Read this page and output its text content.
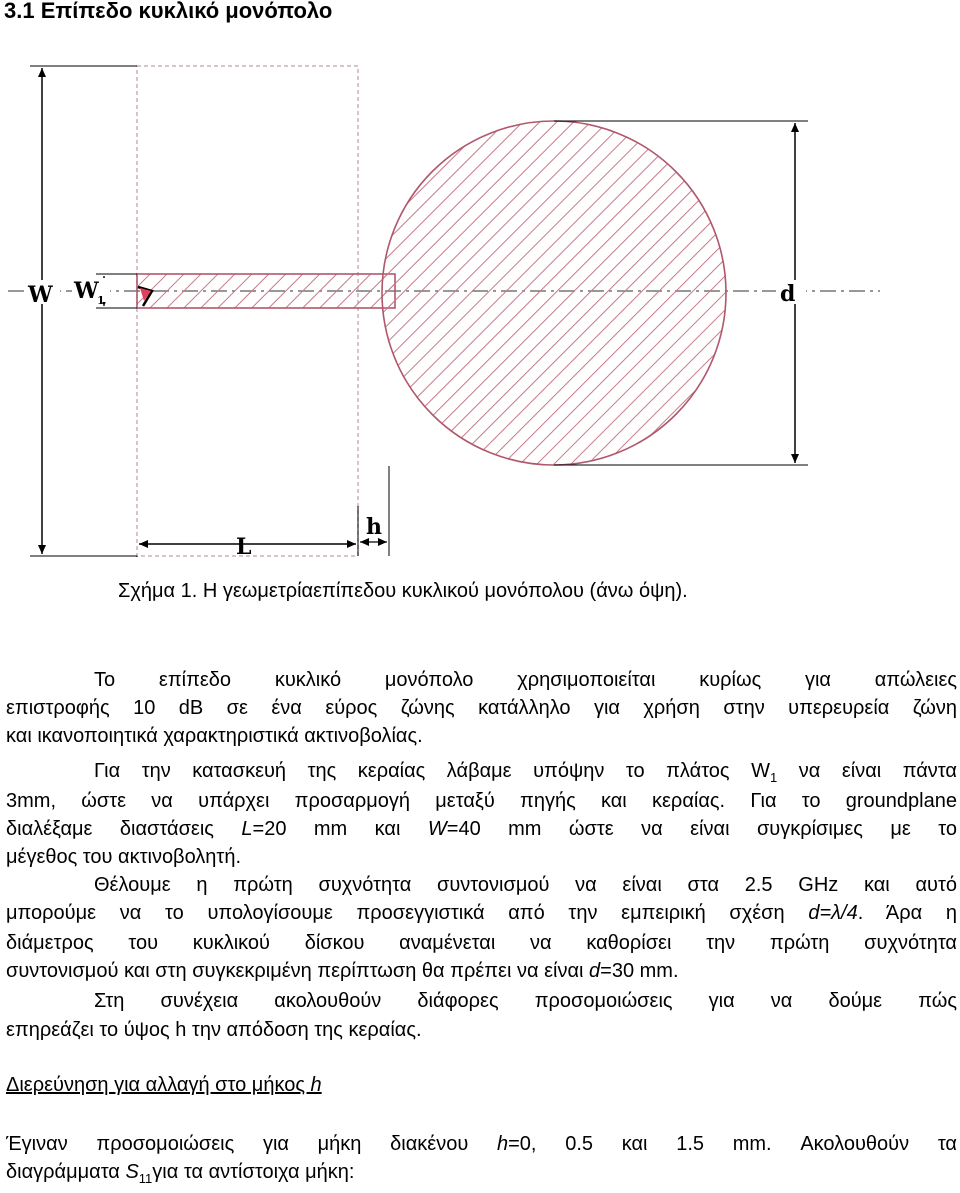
3.1 Επίπεδο κυκλικό μονόπολο
W W
1	d
L
h
Σχήμα 1. Η γεωμετρίαεπίπεδου κυκλικού μονόπολου (άνω όψη).

Το επίπεδο κυκλικό μονόπολο χρησιμοποιείται κυρίως για απώλειες

επιστροφής 10 dB σε ένα εύρος ζώνης κατάλληλο για χρήση στην υπερευρεία ζώνη

και ικανοποιητικά χαρακτηριστικά ακτινοβολίας.

Για την κατασκευή της κεραίας λάβαμε υπόψην το πλάτος $W_1$ να είναι πάντα

3mm, ώστε να υπάρχει προσαρμογή μεταξύ πηγής και κεραίας. Για το groundplane

διαλέξαμε διαστάσεις L=20 mm και W=40 mm ώστε να είναι συγκρίσιμες με το

μέγεθος του ακτινοβολητή.

Θέλουμε η πρώτη συχνότητα συντονισμού να είναι στα 2.5 GHz και αυτό

μπορούμε να το υπολογίσουμε προσεγγιστικά από την εμπειρική σχέση d=λ/4. Άρα η

διάμετρος του κυκλικού δίσκου αναμένεται να καθορίσει την πρώτη συχνότητα

συντονισμού και στη συγκεκριμένη περίπτωση θα πρέπει να είναι d=30 mm.

Στη συνέχεια ακολουθούν διάφορες προσομοιώσεις για να δούμε πώς

επηρεάζει το ύψος h την απόδοση της κεραίας.

Διερεύνηση για αλλαγή στο μήκος h

Έγιναν προσομοιώσεις για μήκη διακένου h=0, 0.5 και 1.5 mm. Ακολουθούν τα

διαγράμματα $S_{11}\gamma\iota\alpha$ τα αντίστοιχα μήκη:
